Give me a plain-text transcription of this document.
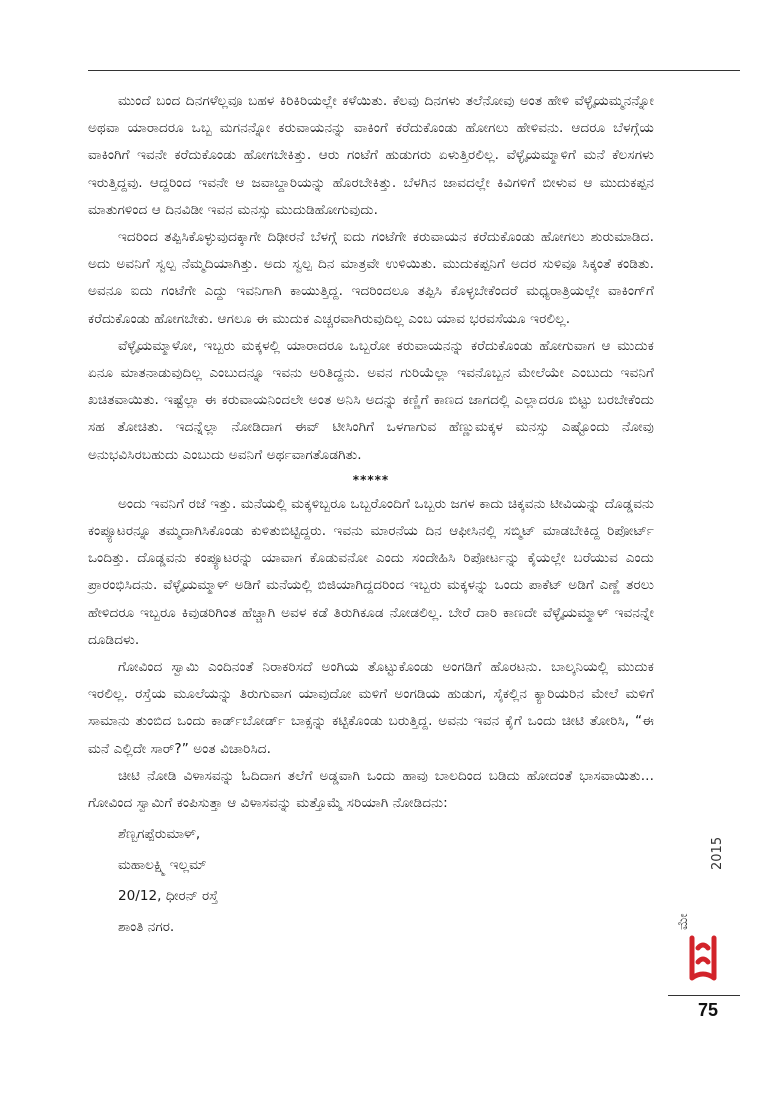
ಮುಂದೆ ಬಂದ ದಿನಗಳೆಲ್ಲವೂ ಬಹಳ ಕಿರಿಕಿರಿಯಲ್ಲೇ ಕಳೆಯಿತು. ಕೆಲವು ದಿನಗಳು ತಲೆನೋವು ಅಂತ ಹೇಳಿ ವೆಳ್ಳೈಯಮ್ಮನನ್ನೋ ಅಥವಾ ಯಾರಾದರೂ ಒಬ್ಬ ಮಗನನ್ನೋ ಕರುವಾಯನನ್ನು ವಾಕಿಂಗೆ ಕರೆದುಕೊಂಡು ಹೋಗಲು ಹೇಳಿವನು. ಆದರೂ ಬೆಳಗ್ಗೆಯ ವಾಕಿಂಗಿಗೆ ಇವನೇ ಕರೆದುಕೊಂಡು ಹೋಗಬೇಕಿತ್ತು. ಆರು ಗಂಟೆಗೆ ಹುಡುಗರು ಏಳುತ್ತಿರಲಿಲ್ಲ. ವೆಳ್ಳೈಯಮ್ಮಾಳಿಗೆ ಮನೆ ಕೆಲಸಗಳು ಇರುತ್ತಿದ್ದವು. ಆದ್ದರಿಂದ ಇವನೇ ಆ ಜವಾಬ್ದಾರಿಯನ್ನು ಹೊರಬೇಕಿತ್ತು. ಬೆಳಗಿನ ಜಾವದಲ್ಲೇ ಕಿವಿಗಳಿಗೆ ಬೀಳುವ ಆ ಮುದುಕಪ್ಪನ ಮಾತುಗಳಿಂದ ಆ ದಿನವಿಡೀ ಇವನ ಮನಸ್ಸು ಮುದುಡಿಹೋಗುವುದು.

ಇದರಿಂದ ತಪ್ಪಿಸಿಕೊಳ್ಳುವುದಕ್ಕಾಗೇ ದಿಢೀರನೆ ಬೆಳಗ್ಗೆ ಐದು ಗಂಟೆಗೇ ಕರುವಾಯನ ಕರೆದುಕೊಂಡು ಹೋಗಲು ಶುರುಮಾಡಿದ. ಅದು ಅವನಿಗೆ ಸ್ವಲ್ಪ ನೆಮ್ಮದಿಯಾಗಿತ್ತು. ಅದು ಸ್ವಲ್ಪ ದಿನ ಮಾತ್ರವೇ ಉಳಿಯಿತು. ಮುದುಕಪ್ಪನಿಗೆ ಅದರ ಸುಳಿವೂ ಸಿಕ್ಕಂತೆ ಕಂಡಿತು. ಅವನೂ ಐದು ಗಂಟೆಗೇ ಎದ್ದು ಇವನಿಗಾಗಿ ಕಾಯುತ್ತಿದ್ದ. ಇದರಿಂದಲೂ ತಪ್ಪಿಸಿ ಕೊಳ್ಳಬೇಕೆಂದರೆ ಮಧ್ಯರಾತ್ರಿಯಲ್ಲೇ ವಾಕಿಂಗ್‌ಗೆ ಕರೆದುಕೊಂಡು ಹೋಗಬೇಕು. ಆಗಲೂ ಈ ಮುದುಕ ಎಚ್ಚರವಾಗಿರುವುದಿಲ್ಲ ಎಂಬ ಯಾವ ಭರವಸೆಯೂ ಇರಲಿಲ್ಲ.

ವೆಳ್ಳೈಯಮ್ಮಾಳೋ, ಇಬ್ಬರು ಮಕ್ಕಳಲ್ಲಿ ಯಾರಾದರೂ ಒಬ್ಬರೋ ಕರುವಾಯನನ್ನು ಕರೆದುಕೊಂಡು ಹೋಗುವಾಗ ಆ ಮುದುಕ ಏನೂ ಮಾತನಾಡುವುದಿಲ್ಲ ಎಂಬುದನ್ನೂ ಇವನು ಅರಿತಿದ್ದನು. ಅವನ ಗುರಿಯೆಲ್ಲಾ ಇವನೊಬ್ಬನ ಮೇಲೆಯೇ ಎಂಬುದು ಇವನಿಗೆ ಖಚಿತವಾಯಿತು. ಇಷ್ಟೆಲ್ಲಾ ಈ ಕರುವಾಯನಿಂದಲೇ ಅಂತ ಅನಿಸಿ ಅದನ್ನು ಕಣ್ಣಿಗೆ ಕಾಣದ ಜಾಗದಲ್ಲಿ ಎಲ್ಲಾದರೂ ಬಿಟ್ಟು ಬರಬೇಕೆಂದು ಸಹ ತೋಚಿತು. ಇದನ್ನೆಲ್ಲಾ ನೋಡಿದಾಗ ಈವ್ ಟೀಸಿಂಗಿಗೆ ಒಳಗಾಗುವ ಹೆಣ್ಣುಮಕ್ಕಳ ಮನಸ್ಸು ಎಷ್ಟೊಂದು ನೋವು ಅನುಭವಿಸಿರಬಹುದು ಎಂಬುದು ಅವನಿಗೆ ಅರ್ಥವಾಗತೊಡಗಿತು.

*****

ಅಂದು ಇವನಿಗೆ ರಜೆ ಇತ್ತು. ಮನೆಯಲ್ಲಿ ಮಕ್ಕಳಿಬ್ಬರೂ ಒಬ್ಬರೊಂದಿಗೆ ಒಬ್ಬರು ಜಗಳ ಕಾದು ಚಿಕ್ಕವನು ಟೀವಿಯನ್ನು ದೊಡ್ಡವನು ಕಂಪ್ಯೂಟರನ್ನೂ ತಮ್ಮದಾಗಿಸಿಕೊಂಡು ಕುಳಿತುಬಿಟ್ಟಿದ್ದರು. ಇವನು ಮಾರನೆಯ ದಿನ ಆಫೀಸಿನಲ್ಲಿ ಸಬ್ಮಿಟ್ ಮಾಡಬೇಕಿದ್ದ ರಿಪೋರ್ಟ್ ಒಂದಿತ್ತು. ದೊಡ್ಡವನು ಕಂಪ್ಯೂಟರನ್ನು ಯಾವಾಗ ಕೊಡುವನೋ ಎಂದು ಸಂದೇಹಿಸಿ ರಿಪೋರ್ಟನ್ನು ಕೈಯಲ್ಲೇ ಬರೆಯುವ ಎಂದು ಪ್ರಾರಂಭಿಸಿದನು. ವೆಳ್ಳೈಯಮ್ಮಾಳ್ ಅಡಿಗೆ ಮನೆಯಲ್ಲಿ ಬಿಜಿಯಾಗಿದ್ದದರಿಂದ ಇಬ್ಬರು ಮಕ್ಕಳನ್ನು ಒಂದು ಪಾಕೆಟ್ ಅಡಿಗೆ ಎಣ್ಣೆ ತರಲು ಹೇಳಿದರೂ ಇಬ್ಬರೂ ಕಿವುಡರಿಗಿಂತ ಹೆಚ್ಚಾಗಿ ಅವಳ ಕಡೆ ತಿರುಗಿಕೂಡ ನೋಡಲಿಲ್ಲ. ಬೇರೆ ದಾರಿ ಕಾಣದೇ ವೆಳ್ಳೈಯಮ್ಮಾಳ್ ಇವನನ್ನೇ ದೂಡಿದಳು.

ಗೋವಿಂದ ಸ್ವಾಮಿ ಎಂದಿನಂತೆ ನಿರಾಕರಿಸದೆ ಅಂಗಿಯ ತೊಟ್ಟುಕೊಂಡು ಅಂಗಡಿಗೆ ಹೊರಟನು. ಬಾಲ್ಕನಿಯಲ್ಲಿ ಮುದುಕ ಇರಲಿಲ್ಲ. ರಸ್ತೆಯ ಮೂಲೆಯನ್ನು ತಿರುಗುವಾಗ ಯಾವುದೋ ಮಳಿಗೆ ಅಂಗಡಿಯ ಹುಡುಗ, ಸೈಕಲ್ಲಿನ ಕ್ಯಾರಿಯರಿನ ಮೇಲೆ ಮಳಿಗೆ ಸಾಮಾನು ತುಂಬಿದ ಒಂದು ಕಾರ್ಡ್‌ಬೋರ್ಡ್ ಬಾಕ್ಸನ್ನು ಕಟ್ಟಿಕೊಂಡು ಬರುತ್ತಿದ್ದ. ಅವನು ಇವನ ಕೈಗೆ ಒಂದು ಚೀಟಿ ತೋರಿಸಿ, “ಈ ಮನೆ ಎಲ್ಲಿದೇ ಸಾರ್?” ಅಂತ ವಿಚಾರಿಸಿದ.

ಚೀಟಿ ನೋಡಿ ವಿಳಾಸವನ್ನು ಓದಿದಾಗ ತಲೆಗೆ ಅಡ್ಡವಾಗಿ ಒಂದು ಹಾವು ಬಾಲದಿಂದ ಬಡಿದು ಹೋದಂತೆ ಭಾಸವಾಯಿತು... ಗೋವಿಂದ ಸ್ವಾಮಿಗೆ ಕಂಪಿಸುತ್ತಾ ಆ ವಿಳಾಸವನ್ನು ಮತ್ತೊಮ್ಮೆ ಸರಿಯಾಗಿ ನೋಡಿದನು:

ಶೆಣ್ಬಗಪ್ಪೆರುಮಾಳ್,
ಮಹಾಲಕ್ಷ್ಮಿ ಇಲ್ಲಮ್
20/12, ಧೀರನ್ ರಸ್ತೆ
ಶಾಂತಿ ನಗರ.
2015
ಮೇ
75
